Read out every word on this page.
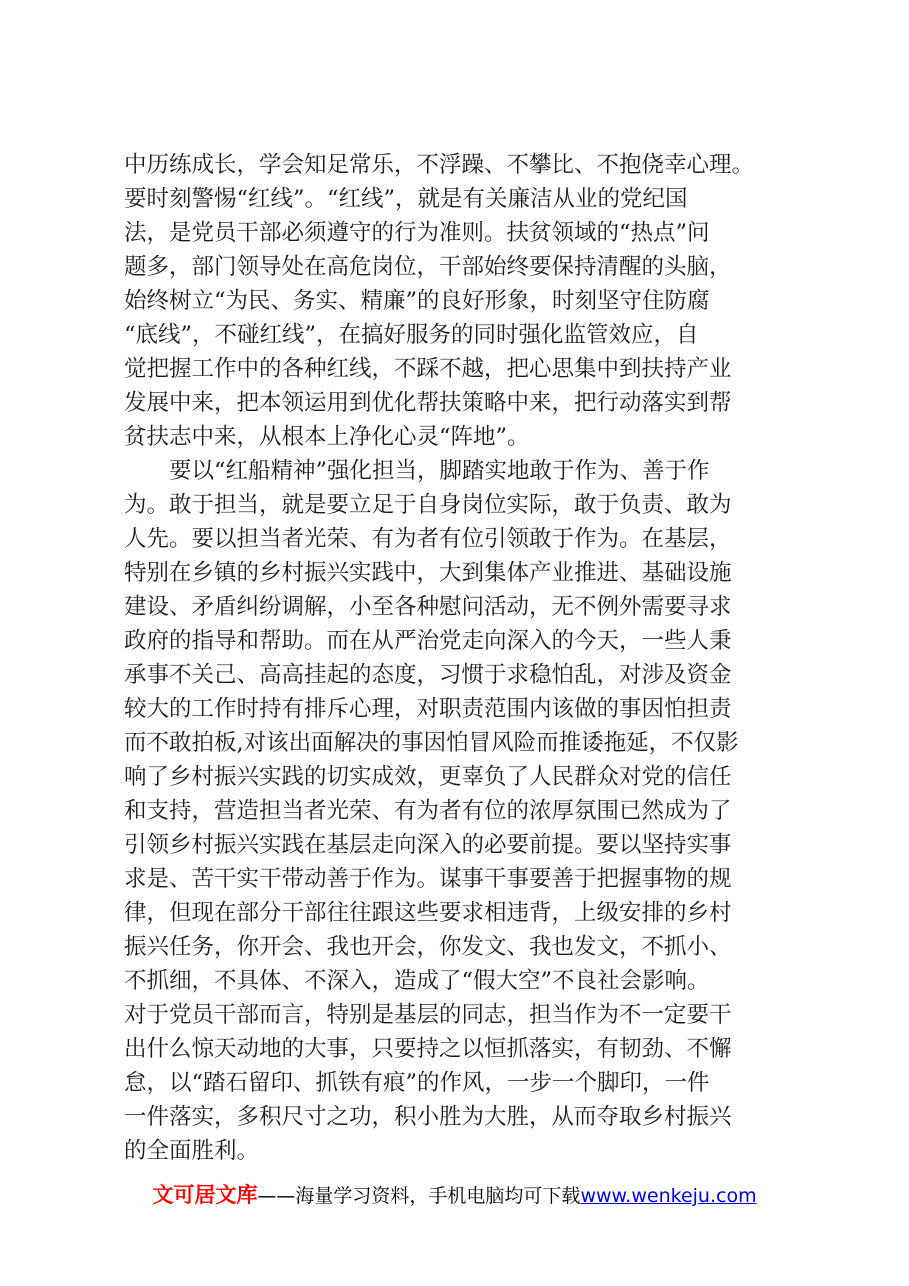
中历练成长，学会知足常乐，不浮躁、不攀比、不抱侥幸心理。
要时刻警惕“红线”。“红线”，就是有关廉洁从业的党纪国
法，是党员干部必须遵守的行为准则。扶贫领域的“热点”问
题多，部门领导处在高危岗位，干部始终要保持清醒的头脑，
始终树立“为民、务实、精廉”的良好形象，时刻坚守住防腐
“底线”，不碰红线”，在搞好服务的同时强化监管效应，自
觉把握工作中的各种红线，不踩不越，把心思集中到扶持产业
发展中来，把本领运用到优化帮扶策略中来，把行动落实到帮
贫扶志中来，从根本上净化心灵“阵地”。
　　要以“红船精神”强化担当，脚踏实地敢于作为、善于作
为。敢于担当，就是要立足于自身岗位实际，敢于负责、敢为
人先。要以担当者光荣、有为者有位引领敢于作为。在基层，
特别在乡镇的乡村振兴实践中，大到集体产业推进、基础设施
建设、矛盾纠纷调解，小至各种慰问活动，无不例外需要寻求
政府的指导和帮助。而在从严治党走向深入的今天，一些人秉
承事不关己、高高挂起的态度，习惯于求稳怕乱，对涉及资金
较大的工作时持有排斥心理，对职责范围内该做的事因怕担责
而不敢拍板,对该出面解决的事因怕冒风险而推诿拖延，不仅影
响了乡村振兴实践的切实成效，更辜负了人民群众对党的信任
和支持，营造担当者光荣、有为者有位的浓厚氛围已然成为了
引领乡村振兴实践在基层走向深入的必要前提。要以坚持实事
求是、苦干实干带动善于作为。谋事干事要善于把握事物的规
律，但现在部分干部往往跟这些要求相违背，上级安排的乡村
振兴任务，你开会、我也开会，你发文、我也发文，不抓小、
不抓细，不具体、不深入，造成了“假大空”不良社会影响。
对于党员干部而言，特别是基层的同志，担当作为不一定要干
出什么惊天动地的大事，只要持之以恒抓落实，有韧劲、不懈
怠，以“踏石留印、抓铁有痕”的作风，一步一个脚印，一件
一件落实，多积尺寸之功，积小胜为大胜，从而夺取乡村振兴
的全面胜利。
文可居文库——海量学习资料，手机电脑均可下载www.wenkeju.com
